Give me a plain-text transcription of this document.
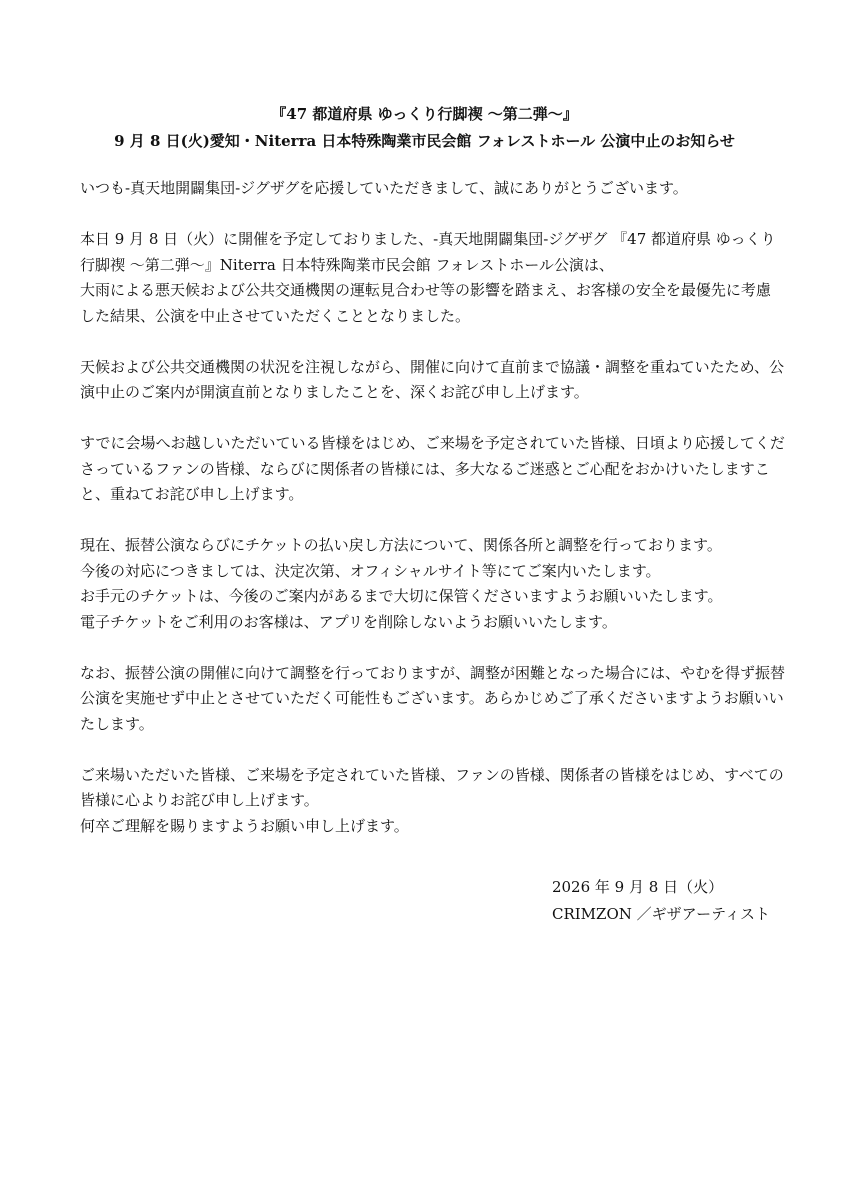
『47 都道府県 ゆっくり行脚禊 〜第二弾〜』
9 月 8 日(火)愛知・Niterra 日本特殊陶業市民会館 フォレストホール 公演中止のお知らせ

いつも-真天地開闢集団-ジグザグを応援していただきまして、誠にありがとうございます。

本日 9 月 8 日（火）に開催を予定しておりました、-真天地開闢集団-ジグザグ 『47 都道府県 ゆっくり
行脚禊 〜第二弾〜』Niterra 日本特殊陶業市民会館 フォレストホール公演は、
大雨による悪天候および公共交通機関の運転見合わせ等の影響を踏まえ、お客様の安全を最優先に考慮
した結果、公演を中止させていただくこととなりました。

天候および公共交通機関の状況を注視しながら、開催に向けて直前まで協議・調整を重ねていたため、公
演中止のご案内が開演直前となりましたことを、深くお詫び申し上げます。

すでに会場へお越しいただいている皆様をはじめ、ご来場を予定されていた皆様、日頃より応援してくだ
さっているファンの皆様、ならびに関係者の皆様には、多大なるご迷惑とご心配をおかけいたしますこ
と、重ねてお詫び申し上げます。

現在、振替公演ならびにチケットの払い戻し方法について、関係各所と調整を行っております。
今後の対応につきましては、決定次第、オフィシャルサイト等にてご案内いたします。
お手元のチケットは、今後のご案内があるまで大切に保管くださいますようお願いいたします。
電子チケットをご利用のお客様は、アプリを削除しないようお願いいたします。

なお、振替公演の開催に向けて調整を行っておりますが、調整が困難となった場合には、やむを得ず振替
公演を実施せず中止とさせていただく可能性もございます。あらかじめご了承くださいますようお願いい
たします。

ご来場いただいた皆様、ご来場を予定されていた皆様、ファンの皆様、関係者の皆様をはじめ、すべての
皆様に心よりお詫び申し上げます。
何卒ご理解を賜りますようお願い申し上げます。

2026 年 9 月 8 日（火）
CRIMZON ／ギザアーティスト
